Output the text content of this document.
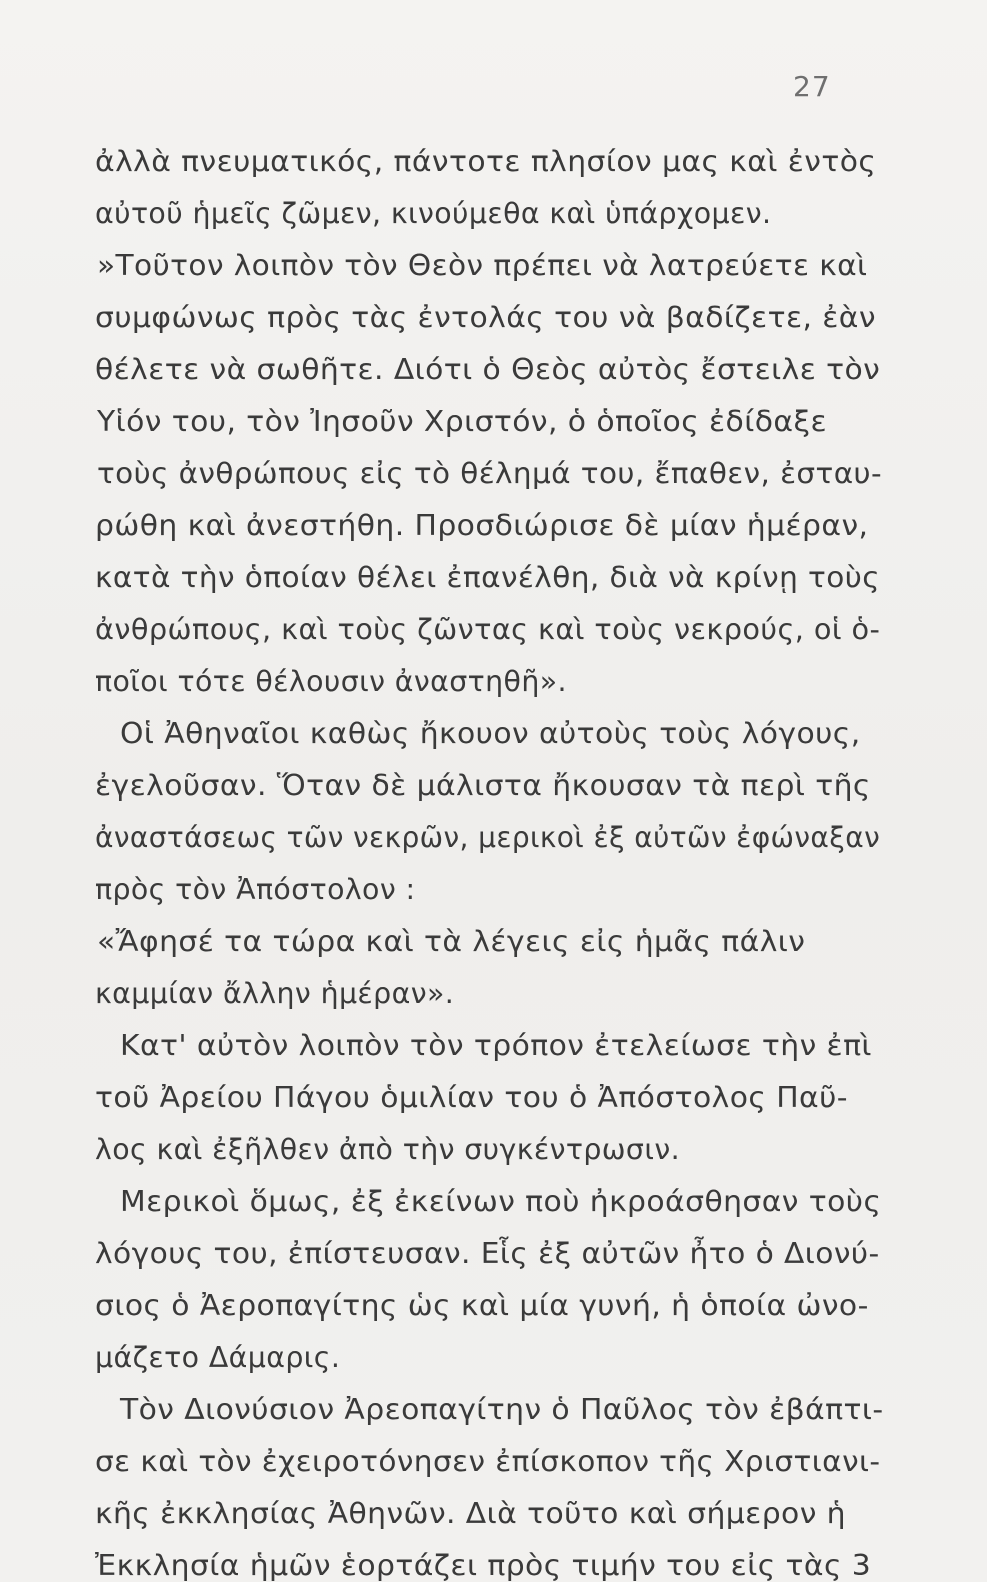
27
ἀλλὰ πνευματικός, πάντοτε πλησίον μας καὶ ἐντὸς
αὐτοῦ ἡμεῖς ζῶμεν, κινούμεθα καὶ ὑπάρχομεν.
»Τοῦτον λοιπὸν τὸν Θεὸν πρέπει νὰ λατρεύετε καὶ
συμφώνως πρὸς τὰς ἐντολάς του νὰ βαδίζετε, ἐὰν
θέλετε νὰ σωθῆτε. Διότι ὁ Θεὸς αὐτὸς ἔστειλε τὸν
Υἱόν του, τὸν Ἰησοῦν Χριστόν, ὁ ὁποῖος ἐδίδαξε
τοὺς ἀνθρώπους εἰς τὸ θέλημά του, ἔπαθεν, ἐσταυ-
ρώθη καὶ ἀνεστήθη. Προσδιώρισε δὲ μίαν ἡμέραν,
κατὰ τὴν ὁποίαν θέλει ἐπανέλθη, διὰ νὰ κρίνῃ τοὺς
ἀνθρώπους, καὶ τοὺς ζῶντας καὶ τοὺς νεκρούς, οἱ ὁ-
ποῖοι τότε θέλουσιν ἀναστηθῆ».
Οἱ Ἀθηναῖοι καθὼς ἤκουον αὐτοὺς τοὺς λόγους,
ἐγελοῦσαν. Ὅταν δὲ μάλιστα ἤκουσαν τὰ περὶ τῆς
ἀναστάσεως τῶν νεκρῶν, μερικοὶ ἐξ αὐτῶν ἐφώναξαν
πρὸς τὸν Ἀπόστολον :
«Ἄφησέ τα τώρα καὶ τὰ λέγεις εἰς ἡμᾶς πάλιν
καμμίαν ἄλλην ἡμέραν».
Κατ' αὐτὸν λοιπὸν τὸν τρόπον ἐτελείωσε τὴν ἐπὶ
τοῦ Ἀρείου Πάγου ὁμιλίαν του ὁ Ἀπόστολος Παῦ-
λος καὶ ἐξῆλθεν ἀπὸ τὴν συγκέντρωσιν.
Μερικοὶ ὅμως, ἐξ ἐκείνων ποὺ ἠκροάσθησαν τοὺς
λόγους του, ἐπίστευσαν. Εἷς ἐξ αὐτῶν ἦτο ὁ Διονύ-
σιος ὁ Ἀεροπαγίτης ὡς καὶ μία γυνή, ἡ ὁποία ὠνο-
μάζετο Δάμαρις.
Τὸν Διονύσιον Ἀρεοπαγίτην ὁ Παῦλος τὸν ἐβάπτι-
σε καὶ τὸν ἐχειροτόνησεν ἐπίσκοπον τῆς Χριστιανι-
κῆς ἐκκλησίας Ἀθηνῶν. Διὰ τοῦτο καὶ σήμερον ἡ
Ἐκκλησία ἡμῶν ἑορτάζει πρὸς τιμήν του εἰς τὰς 3
